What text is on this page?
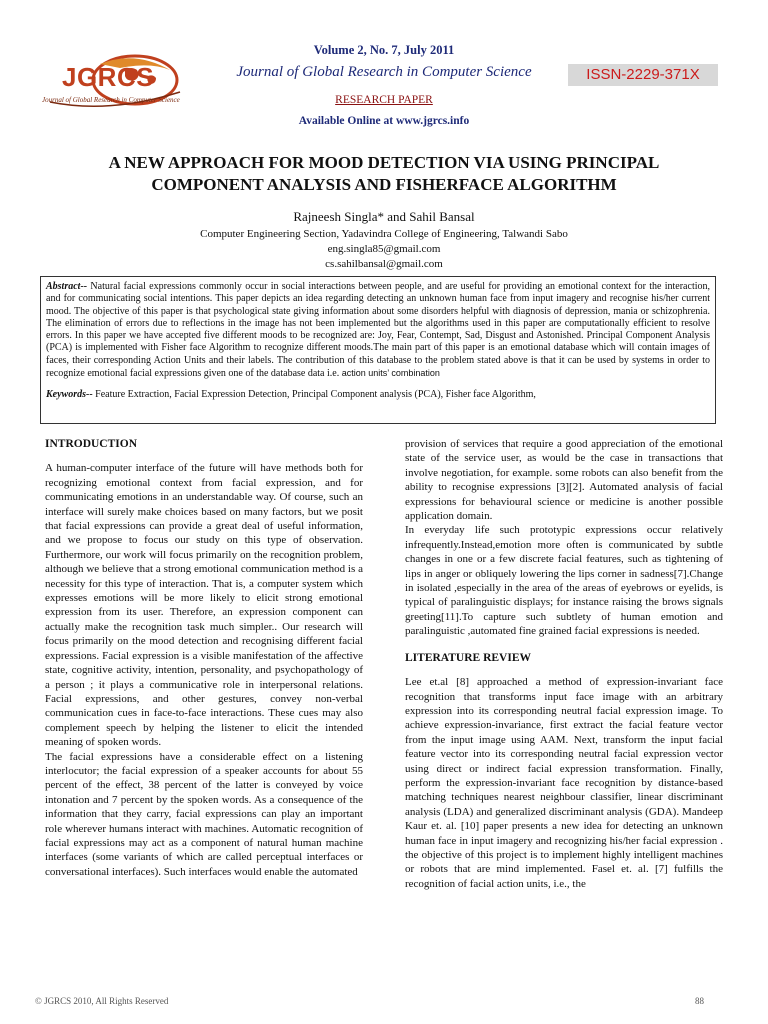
JGRCS
Journal of Global Research in Computer Science
Volume 2, No. 7, July 2011
Journal of Global Research in Computer Science	ISSN-2229-371X
RESEARCH PAPER
Available Online at www.jgrcs.info
A NEW APPROACH FOR MOOD DETECTION VIA USING PRINCIPAL COMPONENT ANALYSIS AND FISHERFACE ALGORITHM
Rajneesh Singla* and Sahil Bansal
Computer Engineering Section, Yadavindra College of Engineering, Talwandi Sabo
eng.singla85@gmail.com
cs.sahilbansal@gmail.com

Abstract-- Natural facial expressions commonly occur in social interactions between people, and are useful for providing an emotional context for the interaction, and for communicating social intentions. This paper depicts an idea regarding detecting an unknown human face from input imagery and recognise his/her current mood. The objective of this paper is that psychological state giving information about some disorders helpful with diagnosis of depression, mania or schizophrenia. The elimination of errors due to reflections in the image has not been implemented but the algorithms used in this paper are computationally efficient to resolve errors. In this paper we have accepted five different moods to be recognized are: Joy, Fear, Contempt, Sad, Disgust and Astonished. Principal Component Analysis (PCA) is implemented with Fisher face Algorithm to recognize different moods.The main part of this paper is an emotional database which will contain images of faces, their corresponding Action Units and their labels. The contribution of this database to the problem stated above is that it can be used by systems in order to recognize emotional facial expressions given one of the database data i.e. action units’ combination

Keywords-- Feature Extraction, Facial Expression Detection, Principal Component analysis (PCA), Fisher face Algorithm,

INTRODUCTION

A human-computer interface of the future will have methods both for recognizing emotional context from facial expression, and for communicating emotions in an understandable way. Of course, such an interface will surely make choices based on many factors, but we posit that facial expressions can provide a great deal of useful information, and we propose to focus our study on this type of observation. Furthermore, our work will focus primarily on the recognition problem, although we believe that a strong emotional communication method is a necessity for this type of interaction. That is, a computer system which expresses emotions will be more likely to elicit strong emotional expression from its user. Therefore, an expression component can actually make the recognition task much simpler.. Our research will focus primarily on the mood detection and recognising different facial expressions. Facial expression is a visible manifestation of the affective state, cognitive activity, intention, personality, and psychopathology of a person ; it plays a communicative role in interpersonal relations. Facial expressions, and other gestures, convey non-verbal communication cues in face-to-face interactions. These cues may also complement speech by helping the listener to elicit the intended meaning of spoken words.

The facial expressions have a considerable effect on a listening interlocutor; the facial expression of a speaker accounts for about 55 percent of the effect, 38 percent of the latter is conveyed by voice intonation and 7 percent by the spoken words. As a consequence of the information that they carry, facial expressions can play an important role wherever humans interact with machines. Automatic recognition of facial expressions may act as a component of natural human machine interfaces (some variants of which are called perceptual interfaces or conversational interfaces). Such interfaces would enable the automated

provision of services that require a good appreciation of the emotional state of the service user, as would be the case in transactions that involve negotiation, for example. some robots can also benefit from the ability to recognise expressions [3][2]. Automated analysis of facial expressions for behavioural science or medicine is another possible application domain.

In everyday life such prototypic expressions occur relatively infrequently.Instead,emotion more often is communicated by subtle changes in one or a few discrete facial features, such as tightening of lips in anger or obliquely lowering the lips corner in sadness[7].Change in isolated ,especially in the area of the areas of eyebrows or eyelids, is typical of paralinguistic displays; for instance raising the brows signals greeting[11].To capture such subtlety of human emotion and paralinguistic ,automated fine grained facial expressions is needed.

LITERATURE REVIEW

Lee et.al [8] approached a method of expression-invariant face recognition that transforms input face image with an arbitrary expression into its corresponding neutral facial expression image. To achieve expression-invariance, first extract the facial feature vector from the input image using AAM. Next, transform the input facial feature vector into its corresponding neutral facial expression vector using direct or indirect facial expression transformation. Finally, perform the expression-invariant face recognition by distance-based matching techniques nearest neighbour classifier, linear discriminant analysis (LDA) and generalized discriminant analysis (GDA). Mandeep Kaur et. al. [10] paper presents a new idea for detecting an unknown human face in input imagery and recognizing his/her facial expression . the objective of this project is to implement highly intelligent machines or robots that are mind implemented. Fasel et. al. [7] fulfills the recognition of facial action units, i.e., the

© JGRCS 2010, All Rights Reserved	88
